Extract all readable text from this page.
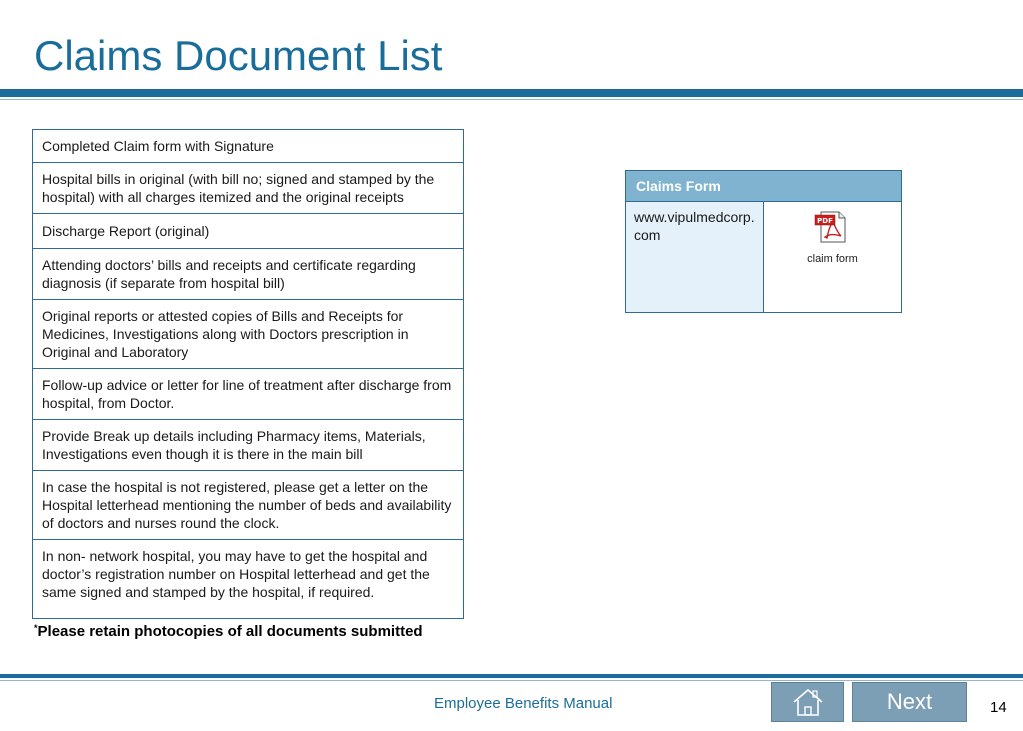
Claims Document List
Completed Claim form with Signature
Hospital bills in original (with bill no; signed and stamped by the hospital) with all charges itemized and the original receipts
Discharge Report (original)
Attending doctors’ bills and receipts and certificate regarding diagnosis (if separate from hospital bill)
Original reports or attested copies of Bills and Receipts for Medicines, Investigations along with Doctors prescription in Original and Laboratory
Follow-up advice or letter for line of treatment after discharge from hospital, from Doctor.
Provide Break up details including Pharmacy items, Materials, Investigations even though it is there in the main bill
In case the hospital is not registered, please get a letter on the Hospital letterhead mentioning the number of beds and availability of doctors and nurses round the clock.
In non- network hospital, you may have to get the hospital and doctor’s registration number on Hospital letterhead and get the same signed and stamped by the hospital, if required.
*Please retain photocopies of all documents submitted
Claims Form
www.vipulmedcorp.com	
PDF
claim form
Employee Benefits Manual	Next	14
